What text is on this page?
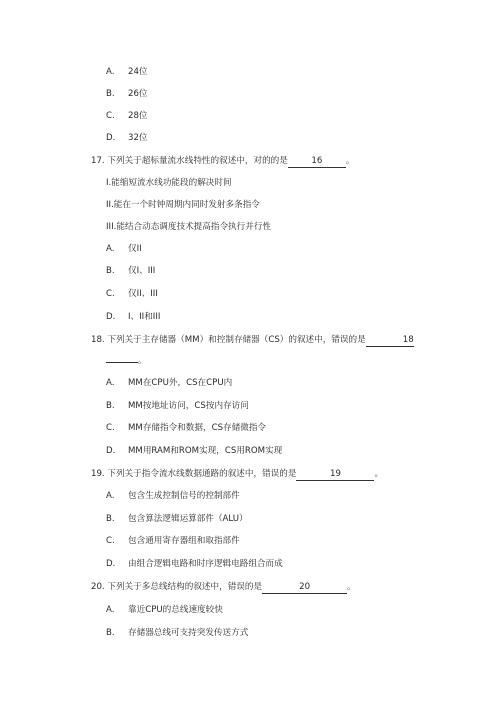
A. 24位
B. 26位
C. 28位
D. 32位
17. 下列关于超标量流水线特性的叙述中，对的的是	16	。
I.能缩短流水线功能段的解决时间
II.能在一个时钟周期内同时发射多条指令
III.能结合动态调度技术提高指令执行并行性
A. 仅II
B. 仅I、III
C. 仅II、III
D. I、II和III
18. 下列关于主存储器（MM）和控制存储器（CS）的叙述中，错误的是	18
。
A. MM在CPU外，CS在CPU内
B. MM按地址访问，CS按内存访问
C. MM存储指令和数据，CS存储微指令
D. MM用RAM和ROM实现，CS用ROM实现
19. 下列关于指令流水线数据通路的叙述中，错误的是	19	。
A. 包含生成控制信号的控制部件
B. 包含算法逻辑运算部件（ALU）
C. 包含通用寄存器组和取指部件
D. 由组合逻辑电路和时序逻辑电路组合而成
20. 下列关于多总线结构的叙述中，错误的是	20	。
A. 靠近CPU的总线速度较快
B. 存储器总线可支持突发传送方式
